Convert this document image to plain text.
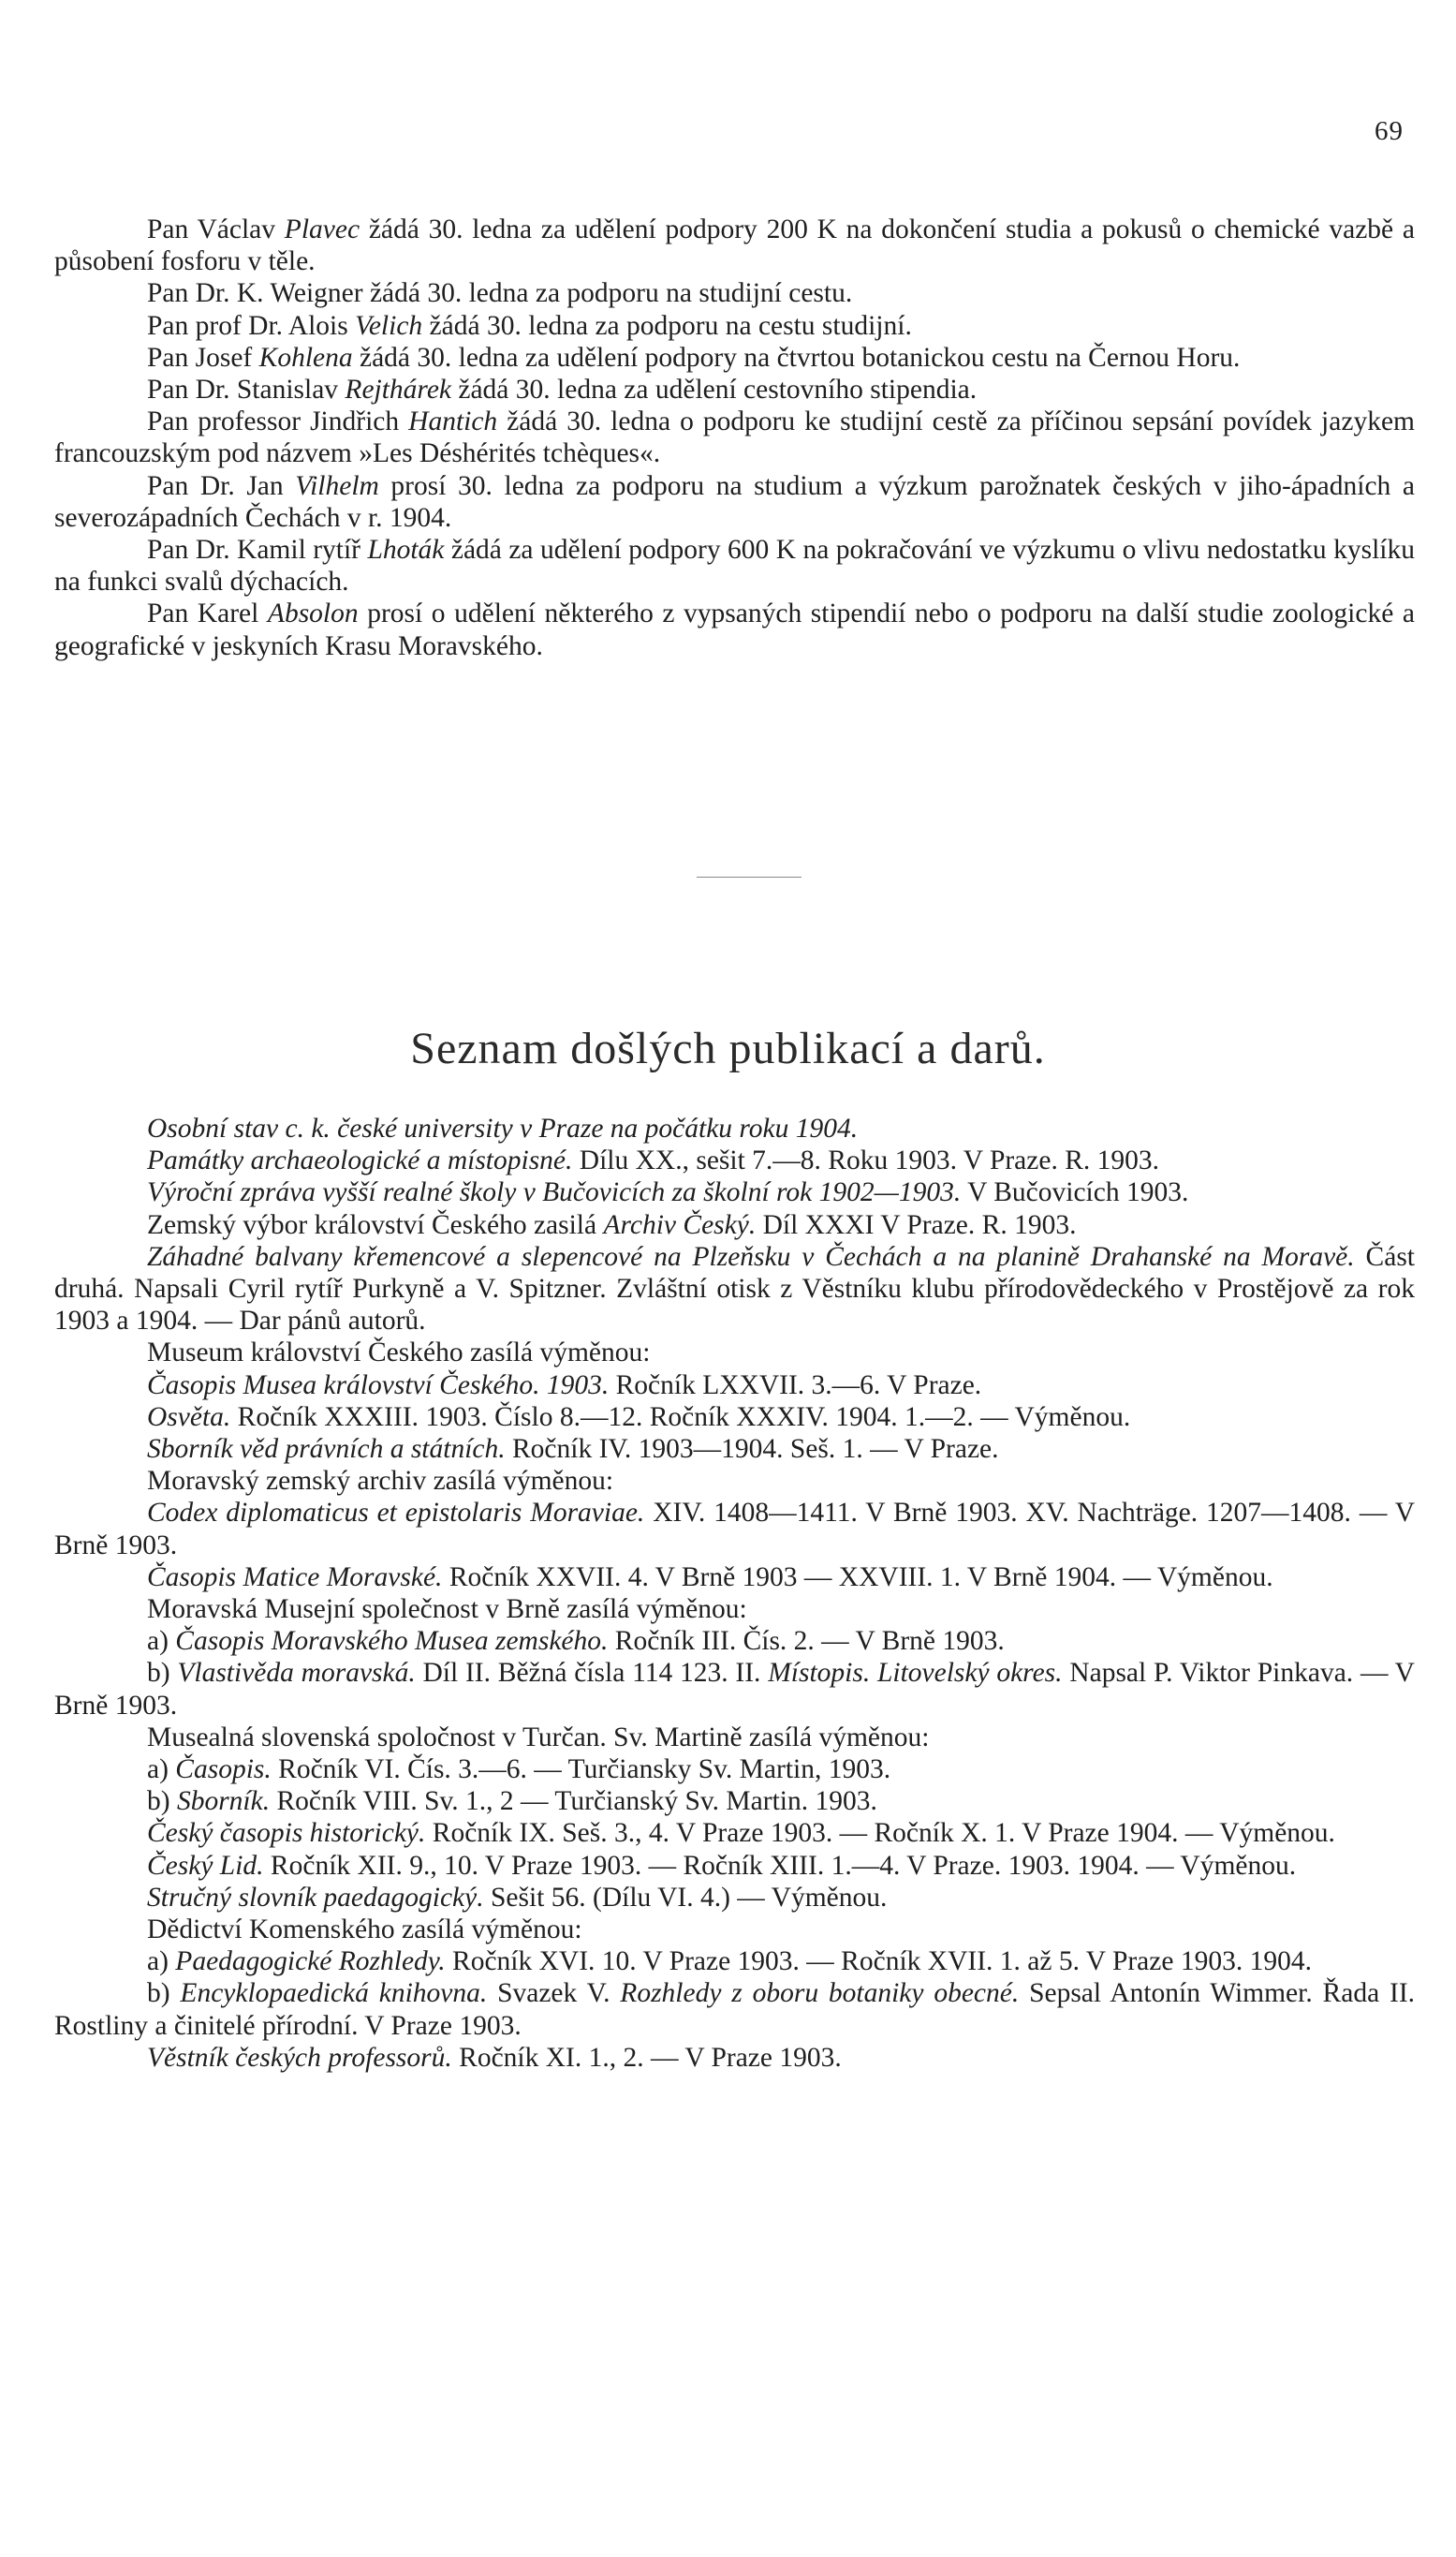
69

Pan Václav Plavec žádá 30. ledna za udělení podpory 200 K na dokončení studia a pokusů o chemické vazbě a působení fosforu v těle.

Pan Dr. K. Weigner žádá 30. ledna za podporu na studijní cestu.

Pan prof Dr. Alois Velich žádá 30. ledna za podporu na cestu studijní.

Pan Josef Kohlena žádá 30. ledna za udělení podpory na čtvrtou botanickou cestu na Černou Horu.

Pan Dr. Stanislav Rejthárek žádá 30. ledna za udělení cestovního stipendia.

Pan professor Jindřich Hantich žádá 30. ledna o podporu ke studijní cestě za příčinou sepsání povídek jazykem francouzským pod názvem »Les Déshérités tchèques«.

Pan Dr. Jan Vilhelm prosí 30. ledna za podporu na studium a výzkum parožnatek českých v jiho-ápadních a severozápadních Čechách v r. 1904.

Pan Dr. Kamil rytíř Lhoták žádá za udělení podpory 600 K na pokračování ve výzkumu o vlivu nedostatku kyslíku na funkci svalů dýchacích.

Pan Karel Absolon prosí o udělení některého z vypsaných stipendií nebo o podporu na další studie zoologické a geografické v jeskyních Krasu Moravského.

Seznam došlých publikací a darů.

Osobní stav c. k. české university v Praze na počátku roku 1904.

Památky archaeologické a místopisné. Dílu XX., sešit 7.—8. Roku 1903. V Praze. R. 1903.

Výroční zpráva vyšší realné školy v Bučovicích za školní rok 1902—1903. V Bučovicích 1903.

Zemský výbor království Českého zasilá Archiv Český. Díl XXXI V Praze. R. 1903.

Záhadné balvany křemencové a slepencové na Plzeňsku v Čechách a na planině Drahanské na Moravě. Část druhá. Napsali Cyril rytíř Purkyně a V. Spitzner. Zvláštní otisk z Věstníku klubu přírodovědeckého v Prostějově za rok 1903 a 1904. — Dar pánů autorů.

Museum království Českého zasílá výměnou:

Časopis Musea království Českého. 1903. Ročník LXXVII. 3.—6. V Praze.

Osvěta. Ročník XXXIII. 1903. Číslo 8.—12. Ročník XXXIV. 1904. 1.—2. — Výměnou.

Sborník věd právních a státních. Ročník IV. 1903—1904. Seš. 1. — V Praze.

Moravský zemský archiv zasílá výměnou:

Codex diplomaticus et epistolaris Moraviae. XIV. 1408—1411. V Brně 1903. XV. Nachträge. 1207—1408. — V Brně 1903.

Časopis Matice Moravské. Ročník XXVII. 4. V Brně 1903 — XXVIII. 1. V Brně 1904. — Výměnou.

Moravská Musejní společnost v Brně zasílá výměnou:

a) Časopis Moravského Musea zemského. Ročník III. Čís. 2. — V Brně 1903.

b) Vlastivěda moravská. Díl II. Běžná čísla 114 123. II. Místopis. Litovelský okres. Napsal P. Viktor Pinkava. — V Brně 1903.

Musealná slovenská spoločnost v Turčan. Sv. Martině zasílá výměnou:

a) Časopis. Ročník VI. Čís. 3.—6. — Turčiansky Sv. Martin, 1903.

b) Sborník. Ročník VIII. Sv. 1., 2 — Turčianský Sv. Martin. 1903.

Český časopis historický. Ročník IX. Seš. 3., 4. V Praze 1903. — Ročník X. 1. V Praze 1904. — Výměnou.

Český Lid. Ročník XII. 9., 10. V Praze 1903. — Ročník XIII. 1.—4. V Praze. 1903. 1904. — Výměnou.

Stručný slovník paedagogický. Sešit 56. (Dílu VI. 4.) — Výměnou.

Dědictví Komenského zasílá výměnou:

a) Paedagogické Rozhledy. Ročník XVI. 10. V Praze 1903. — Ročník XVII. 1. až 5. V Praze 1903. 1904.

b) Encyklopaedická knihovna. Svazek V. Rozhledy z oboru botaniky obecné. Sepsal Antonín Wimmer. Řada II. Rostliny a činitelé přírodní. V Praze 1903.

Věstník českých professorů. Ročník XI. 1., 2. — V Praze 1903.
